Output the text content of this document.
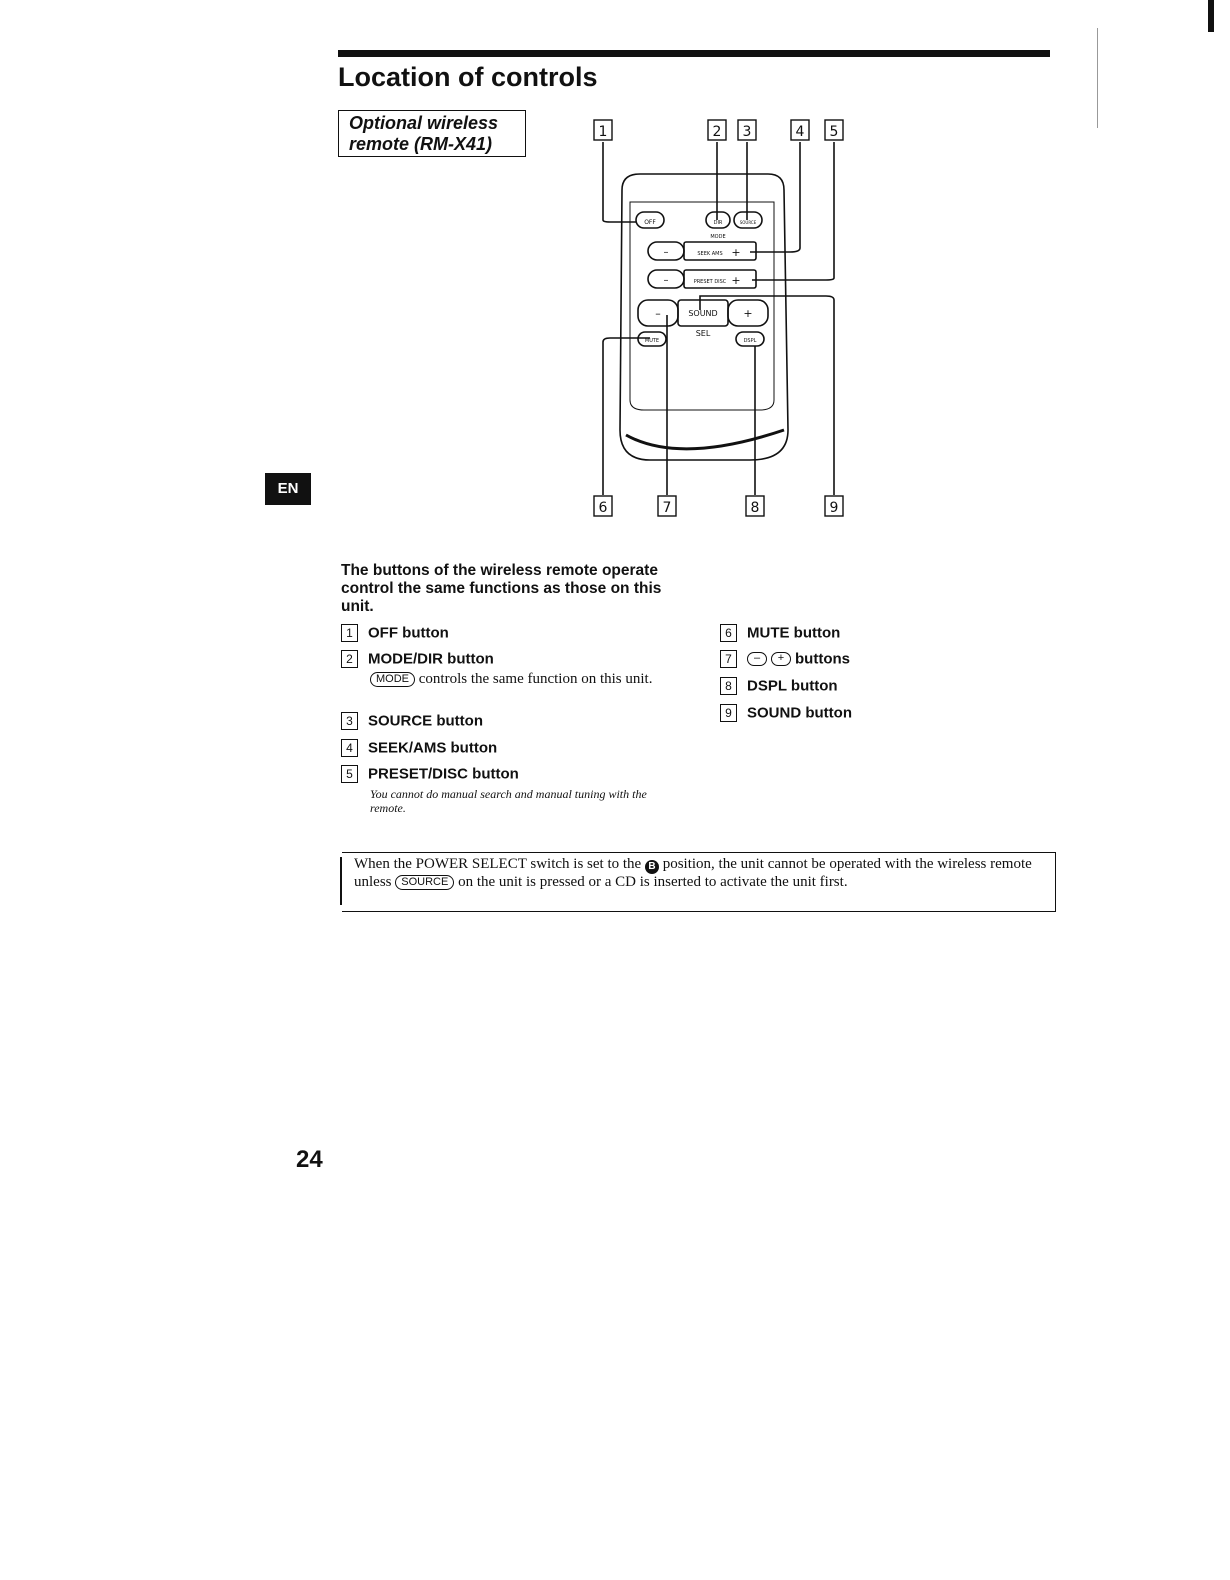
Location of controls
Optional wireless
remote (RM-X41)
EN
OFF	DIR	SOURCE
MODE
SEEK AMS
PRESET DISC
SOUND
SEL
MUTE	DSPL
–	+
–	+
–	+
1	2 3	4 5
6	7	8	9
The buttons of the wireless remote operate control the same functions as those on this unit.
1 OFF button
2 MODE/DIR button
MODE controls the same function on this unit.
3 SOURCE button
4 SEEK/AMS button
5 PRESET/DISC button
You cannot do manual search and manual tuning with the remote.
6 MUTE button
7 – + buttons
8 DSPL button
9 SOUND button
When the POWER SELECT switch is set to the B position, the unit cannot be operated with the wireless remote unless SOURCE on the unit is pressed or a CD is inserted to activate the unit first.
24
